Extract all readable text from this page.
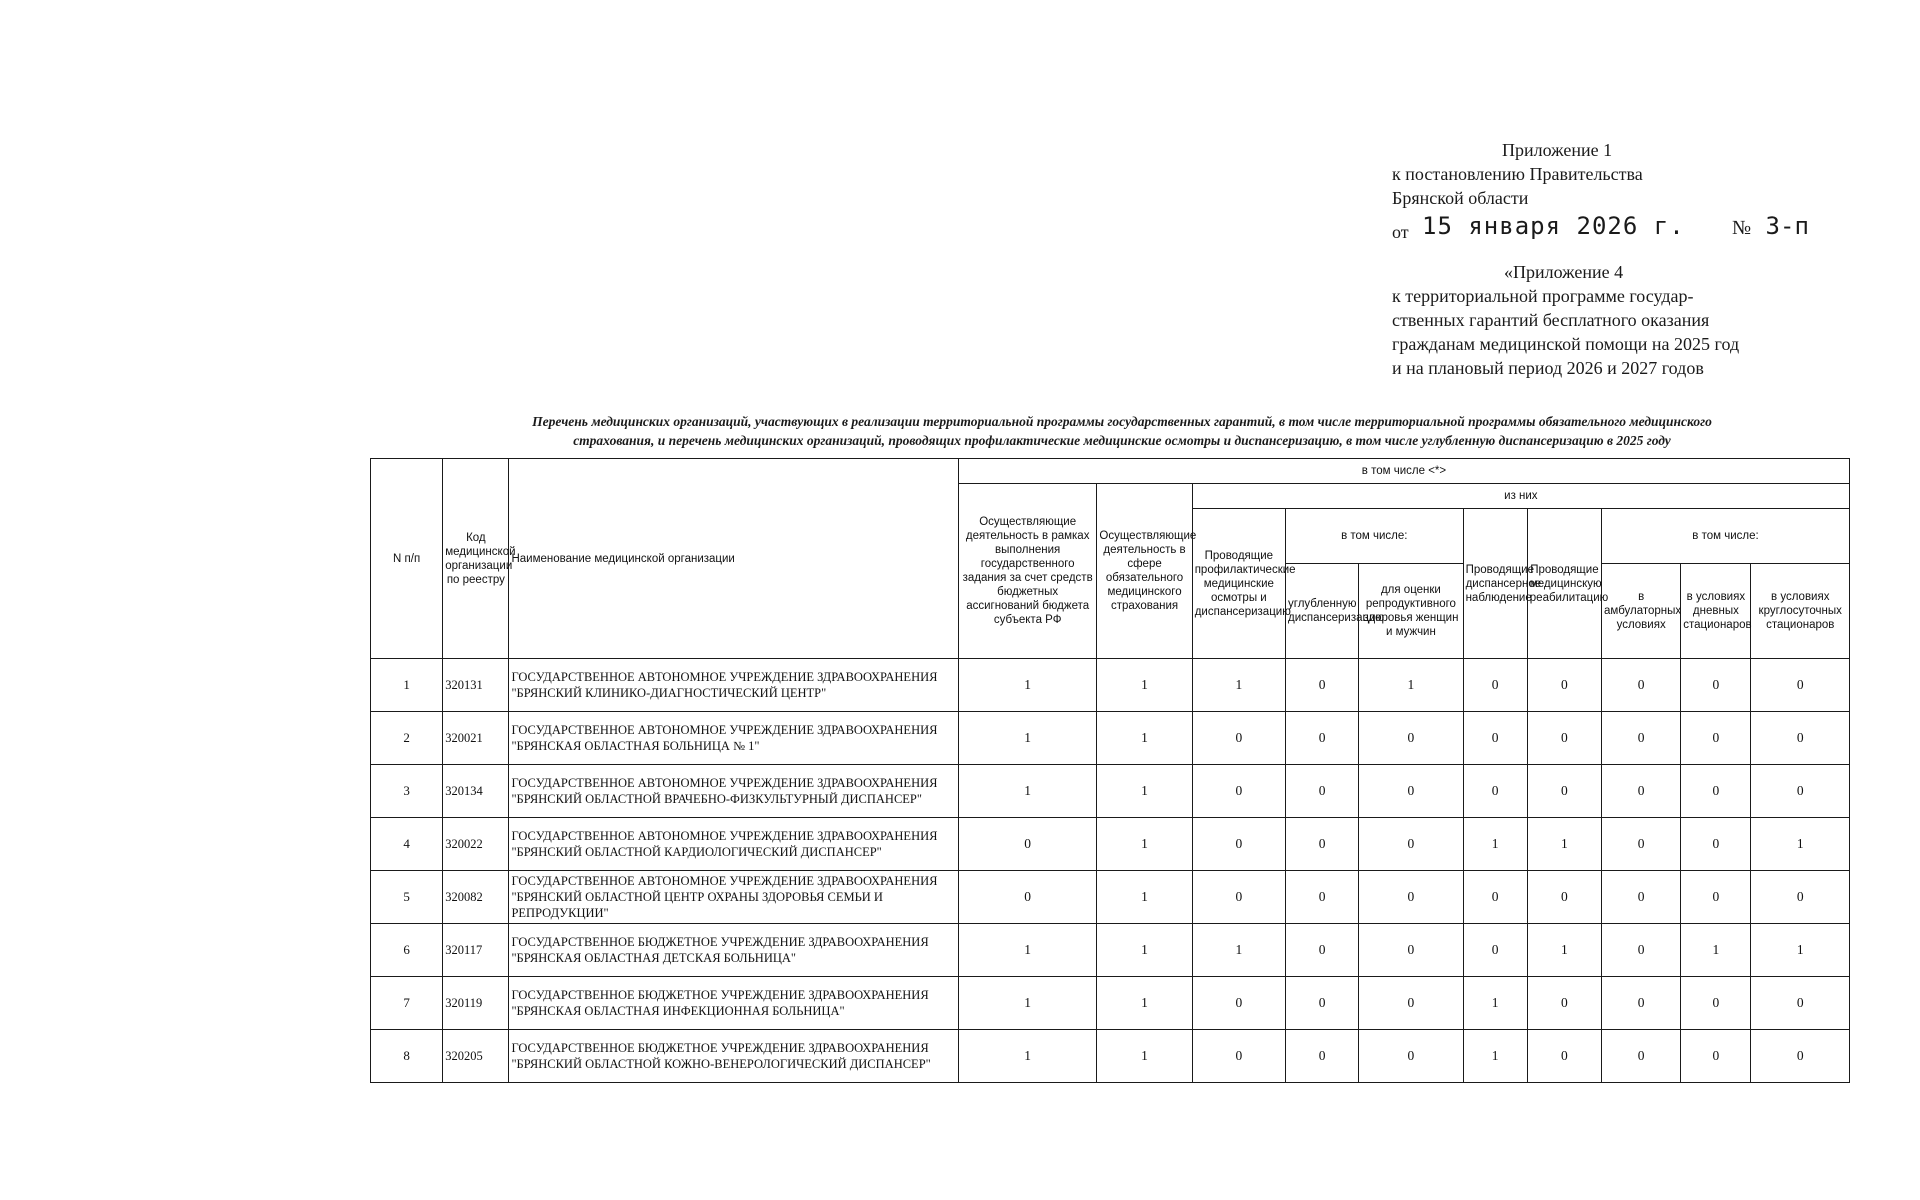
Приложение 1
к постановлению Правительства
Брянской области
от 15 января 2026 г. № 3-п
«Приложение 4
к территориальной программе государ-
ственных гарантий бесплатного оказания
гражданам медицинской помощи на 2025 год
и на плановый период 2026 и 2027 годов
Перечень медицинских организаций, участвующих в реализации территориальной программы государственных гарантий, в том числе территориальной программы обязательного медицинского
страхования, и перечень медицинских организаций, проводящих профилактические медицинские осмотры и диспансеризацию, в том числе углубленную диспансеризацию в 2025 году
N п/п	Код медицинской организации по реестру	Наименование медицинской организации	в том числе <*>									
			Осуществляющие деятельность в рамках выполнения государственного задания за счет средств бюджетных ассигнований бюджета субъекта РФ	Осуществляющие деятельность в сфере обязательного медицинского страхования	из них							
					Проводящие профилактические медицинские осмотры и диспансеризацию	в том числе:		Проводящие диспансерное наблюдение	Проводящие медицинскую реабилитацию	в том числе:		
						углубленную диспансеризацию	для оценки репродуктивного здоровья женщин и мужчин			в амбулаторных условиях	в условиях дневных стационаров	в условиях круглосуточных стационаров
1	320131	ГОСУДАРСТВЕННОЕ АВТОНОМНОЕ УЧРЕЖДЕНИЕ ЗДРАВООХРАНЕНИЯ "БРЯНСКИЙ КЛИНИКО-ДИАГНОСТИЧЕСКИЙ ЦЕНТР"	1	1	1	0	1	0	0	0	0	0
2	320021	ГОСУДАРСТВЕННОЕ АВТОНОМНОЕ УЧРЕЖДЕНИЕ ЗДРАВООХРАНЕНИЯ "БРЯНСКАЯ ОБЛАСТНАЯ БОЛЬНИЦА № 1"	1	1	0	0	0	0	0	0	0	0
3	320134	ГОСУДАРСТВЕННОЕ АВТОНОМНОЕ УЧРЕЖДЕНИЕ ЗДРАВООХРАНЕНИЯ "БРЯНСКИЙ ОБЛАСТНОЙ ВРАЧЕБНО-ФИЗКУЛЬТУРНЫЙ ДИСПАНСЕР"	1	1	0	0	0	0	0	0	0	0
4	320022	ГОСУДАРСТВЕННОЕ АВТОНОМНОЕ УЧРЕЖДЕНИЕ ЗДРАВООХРАНЕНИЯ "БРЯНСКИЙ ОБЛАСТНОЙ КАРДИОЛОГИЧЕСКИЙ ДИСПАНСЕР"	0	1	0	0	0	1	1	0	0	1
5	320082	ГОСУДАРСТВЕННОЕ АВТОНОМНОЕ УЧРЕЖДЕНИЕ ЗДРАВООХРАНЕНИЯ "БРЯНСКИЙ ОБЛАСТНОЙ ЦЕНТР ОХРАНЫ ЗДОРОВЬЯ СЕМЬИ И РЕПРОДУКЦИИ"	0	1	0	0	0	0	0	0	0	0
6	320117	ГОСУДАРСТВЕННОЕ БЮДЖЕТНОЕ УЧРЕЖДЕНИЕ ЗДРАВООХРАНЕНИЯ "БРЯНСКАЯ ОБЛАСТНАЯ ДЕТСКАЯ БОЛЬНИЦА"	1	1	1	0	0	0	1	0	1	1
7	320119	ГОСУДАРСТВЕННОЕ БЮДЖЕТНОЕ УЧРЕЖДЕНИЕ ЗДРАВООХРАНЕНИЯ "БРЯНСКАЯ ОБЛАСТНАЯ ИНФЕКЦИОННАЯ БОЛЬНИЦА"	1	1	0	0	0	1	0	0	0	0
8	320205	ГОСУДАРСТВЕННОЕ БЮДЖЕТНОЕ УЧРЕЖДЕНИЕ ЗДРАВООХРАНЕНИЯ "БРЯНСКИЙ ОБЛАСТНОЙ КОЖНО-ВЕНЕРОЛОГИЧЕСКИЙ ДИСПАНСЕР"	1	1	0	0	0	1	0	0	0	0
